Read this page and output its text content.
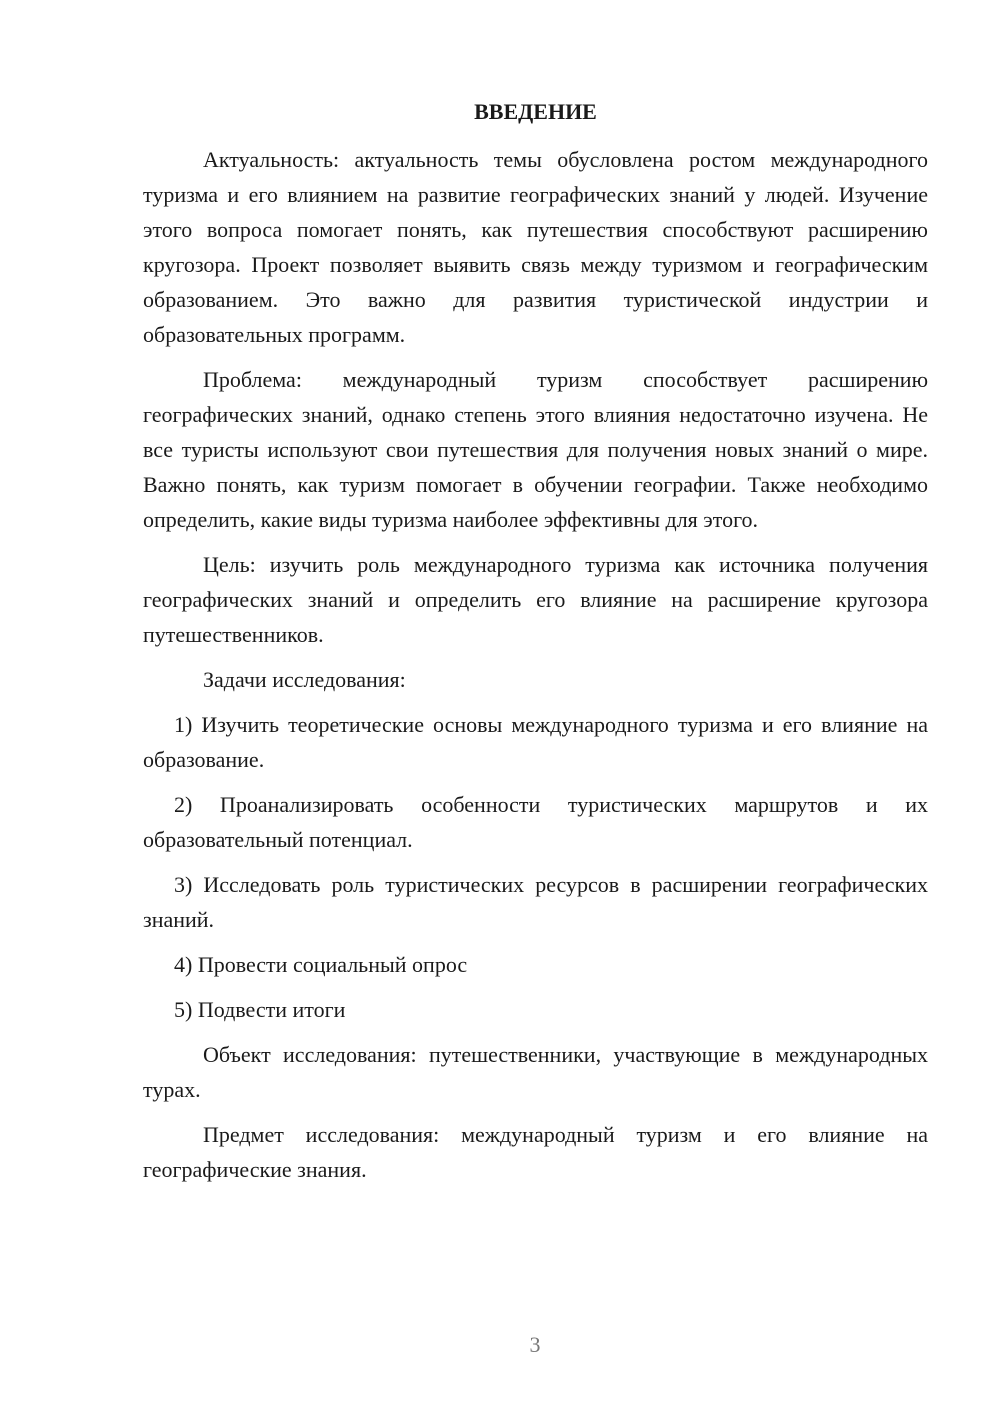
ВВЕДЕНИЕ

Актуальность: актуальность темы обусловлена ростом международного туризма и его влиянием на развитие географических знаний у людей. Изучение этого вопроса помогает понять, как путешествия способствуют расширению кругозора. Проект позволяет выявить связь между туризмом и географическим образованием. Это важно для развития туристической индустрии и образовательных программ.

Проблема: международный туризм способствует расширению географических знаний, однако степень этого влияния недостаточно изучена. Не все туристы используют свои путешествия для получения новых знаний о мире. Важно понять, как туризм помогает в обучении географии. Также необходимо определить, какие виды туризма наиболее эффективны для этого.

Цель: изучить роль международного туризма как источника получения географических знаний и определить его влияние на расширение кругозора путешественников.

Задачи исследования:

1) Изучить теоретические основы международного туризма и его влияние на образование.

2) Проанализировать особенности туристических маршрутов и их образовательный потенциал.

3) Исследовать роль туристических ресурсов в расширении географических знаний.

4) Провести социальный опрос

5) Подвести итоги

Объект исследования: путешественники, участвующие в международных турах.

Предмет исследования: международный туризм и его влияние на географические знания.

3
